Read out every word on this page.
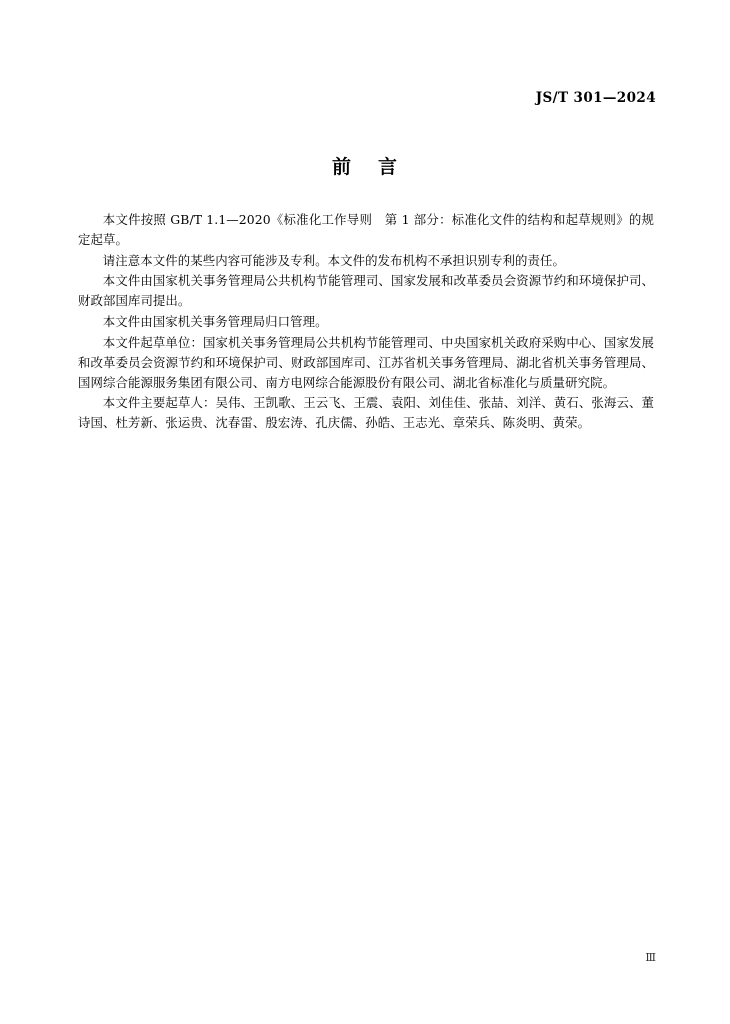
JS/T 301—2024
前 言

本文件按照 GB/T 1.1—2020《标准化工作导则　第 1 部分：标准化文件的结构和起草规则》的规定起草。

请注意本文件的某些内容可能涉及专利。本文件的发布机构不承担识别专利的责任。

本文件由国家机关事务管理局公共机构节能管理司、国家发展和改革委员会资源节约和环境保护司、财政部国库司提出。

本文件由国家机关事务管理局归口管理。

本文件起草单位：国家机关事务管理局公共机构节能管理司、中央国家机关政府采购中心、国家发展和改革委员会资源节约和环境保护司、财政部国库司、江苏省机关事务管理局、湖北省机关事务管理局、国网综合能源服务集团有限公司、南方电网综合能源股份有限公司、湖北省标准化与质量研究院。

本文件主要起草人：吴伟、王凯歌、王云飞、王震、袁阳、刘佳佳、张喆、刘洋、黄石、张海云、董诗国、杜芳新、张运贵、沈春雷、殷宏涛、孔庆儒、孙皓、王志光、章荣兵、陈炎明、黄荣。

Ⅲ
